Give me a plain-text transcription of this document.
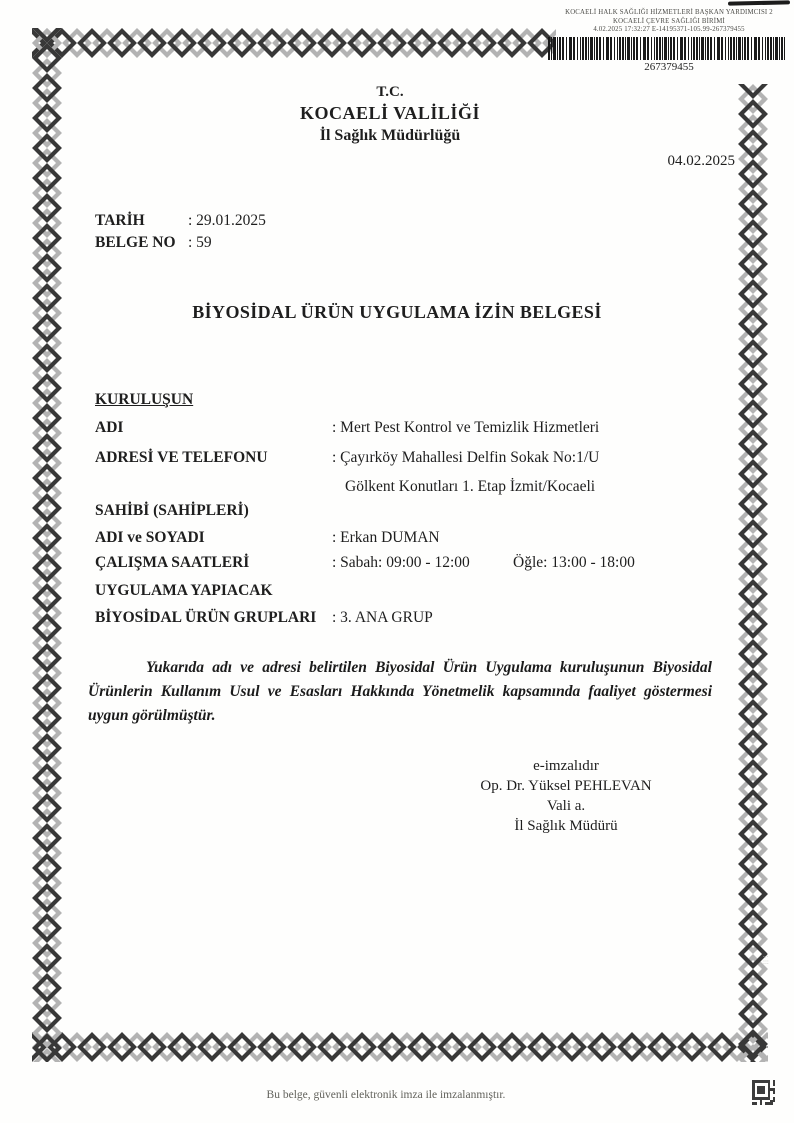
KOCAELİ HALK SAĞLIĞI HİZMETLERİ BAŞKAN YARDIMCISI 2
KOCAELİ ÇEVRE SAĞLIĞI BİRİMİ
4.02.2025 17:32:27 E-14195371-105.99-267379455
267379455
T.C.
KOCAELİ VALİLİĞİ
İl Sağlık Müdürlüğü
04.02.2025
TARİH	: 29.01.2025
BELGE NO : 59
BİYOSİDAL ÜRÜN UYGULAMA İZİN BELGESİ
KURULUŞUN
ADI	: Mert Pest Kontrol ve Temizlik Hizmetleri
ADRESİ VE TELEFONU	: Çayırköy Mahallesi Delfin Sokak No:1/U
Gölkent Konutları 1. Etap İzmit/Kocaeli
SAHİBİ (SAHİPLERİ)
ADI ve SOYADI	: Erkan DUMAN
ÇALIŞMA SAATLERİ	: Sabah: 09:00 - 12:00	Öğle: 13:00 - 18:00
UYGULAMA YAPIACAK
BİYOSİDAL ÜRÜN GRUPLARI : 3. ANA GRUP
Yukarıda adı ve adresi belirtilen Biyosidal Ürün Uygulama kuruluşunun Biyosidal Ürünlerin Kullanım Usul ve Esasları Hakkında Yönetmelik kapsamında faaliyet göstermesi uygun görülmüştür.
e-imzalıdır
Op. Dr. Yüksel PEHLEVAN
Vali a.
İl Sağlık Müdürü
Bu belge, güvenli elektronik imza ile imzalanmıştır.
.,:
:::
